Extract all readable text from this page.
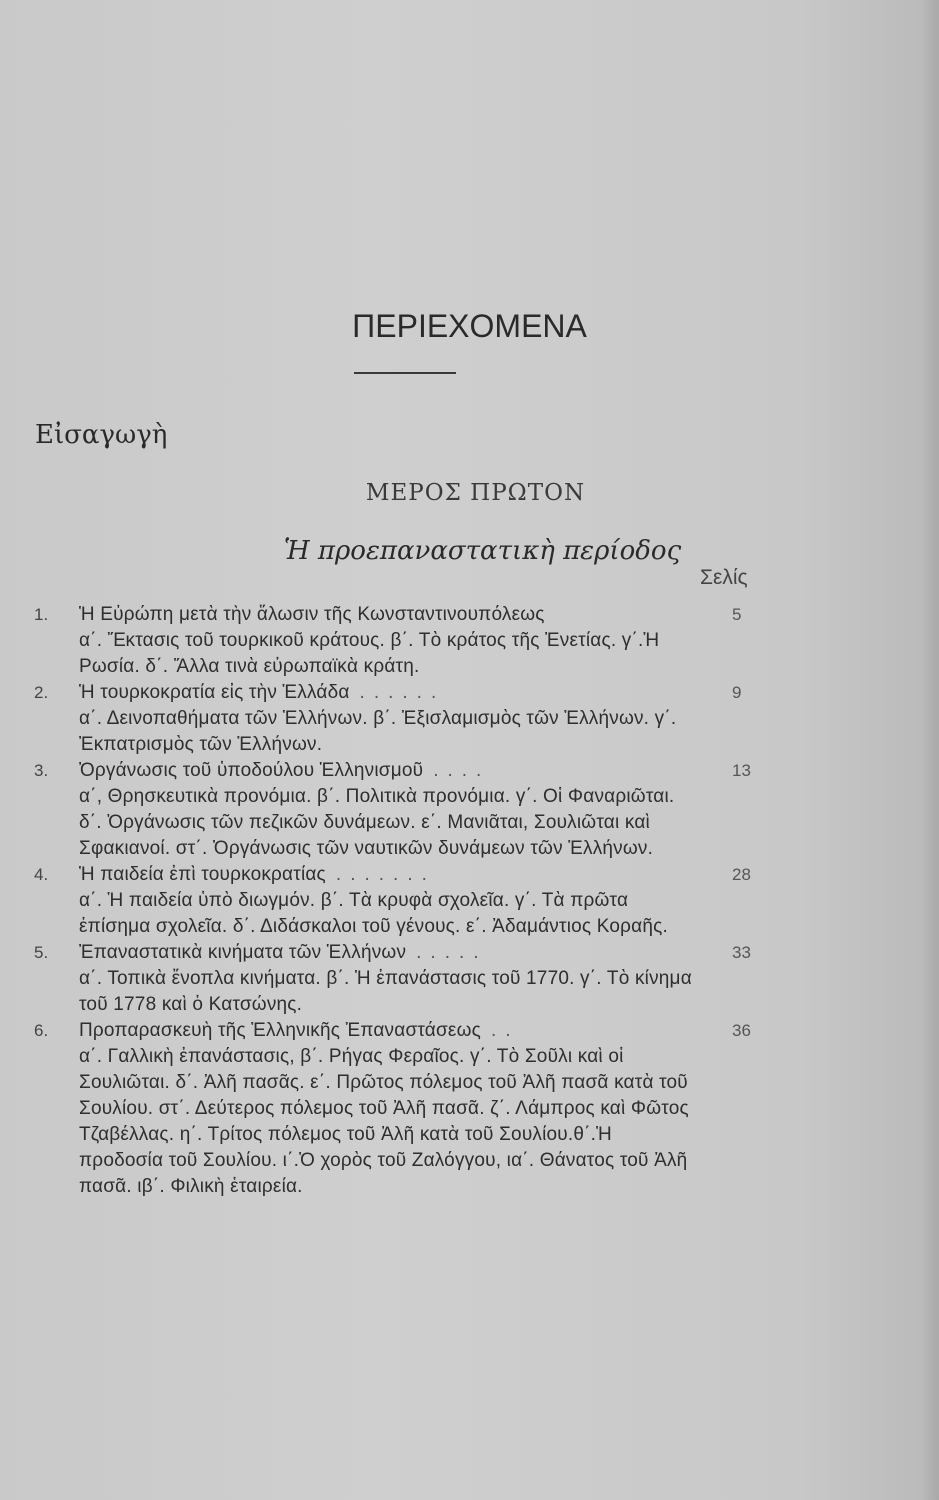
ΠΕΡΙΕΧΟΜΕΝΑ
Εἰσαγωγὴ
ΜΕΡΟΣ ΠΡΩΤΟΝ
Ἡ προεπαναστατικὴ περίοδος
Σελίς
1. Ἡ Εὐρώπη μετὰ τὴν ἅλωσιν τῆς Κωνσταντινουπόλεως	5

α΄. Ἔκτασις τοῦ τουρκικοῦ κράτους. β΄. Τὸ κράτος τῆς Ἐνετίας. γ΄.Ἡ Ρωσία. δ΄. Ἄλλα τινὰ εὐρωπαϊκὰ κράτη.

2. Ἡ τουρκοκρατία εἰς τὴν Ἑλλάδα ......	9

α΄. Δεινοπαθήματα τῶν Ἑλλήνων. β΄. Ἐξισλαμισμὸς τῶν Ἑλλήνων. γ΄. Ἐκπατρισμὸς τῶν Ἑλλήνων.

3. Ὀργάνωσις τοῦ ὑποδούλου Ἑλληνισμοῦ ....	13

α΄, Θρησκευτικὰ προνόμια. β΄. Πολιτικὰ προνόμια. γ΄. Οἱ Φαναριῶται. δ΄. Ὀργάνωσις τῶν πεζικῶν δυνάμεων. ε΄. Μανιᾶται, Σουλιῶται καὶ Σφακιανοί. στ΄. Ὀργάνωσις τῶν ναυτικῶν δυνάμεων τῶν Ἑλλήνων.

4. Ἡ παιδεία ἐπὶ τουρκοκρατίας .......	28

α΄. Ἡ παιδεία ὑπὸ διωγμόν. β΄. Τὰ κρυφὰ σχολεῖα. γ΄. Τὰ πρῶτα ἐπίσημα σχολεῖα. δ΄. Διδάσκαλοι τοῦ γένους. ε΄. Ἀδαμάντιος Κοραῆς.

5. Ἐπαναστατικὰ κινήματα τῶν Ἑλλήνων .....	33

α΄. Τοπικὰ ἔνοπλα κινήματα. β΄. Ἡ ἐπανάστασις τοῦ 1770. γ΄. Τὸ κίνημα τοῦ 1778 καὶ ὁ Κατσώνης.

6. Προπαρασκευὴ τῆς Ἑλληνικῆς Ἐπαναστάσεως ..	36

α΄. Γαλλικὴ ἐπανάστασις, β΄. Ρήγας Φεραῖος. γ΄. Τὸ Σοῦλι καὶ οἱ Σουλιῶται. δ΄. Ἀλῆ πασᾶς. ε΄. Πρῶτος πόλεμος τοῦ Ἀλῆ πασᾶ κατὰ τοῦ Σουλίου. στ΄. Δεύτερος πόλεμος τοῦ Ἀλῆ πασᾶ. ζ΄. Λάμπρος καὶ Φῶτος Τζαβέλλας. η΄. Τρίτος πόλεμος τοῦ Ἀλῆ κατὰ τοῦ Σουλίου.θ΄.Ἡ προδοσία τοῦ Σουλίου. ι΄.Ὁ χορὸς τοῦ Ζαλόγγου, ια΄. Θάνατος τοῦ Ἀλῆ πασᾶ. ιβ΄. Φιλικὴ ἑταιρεία.
